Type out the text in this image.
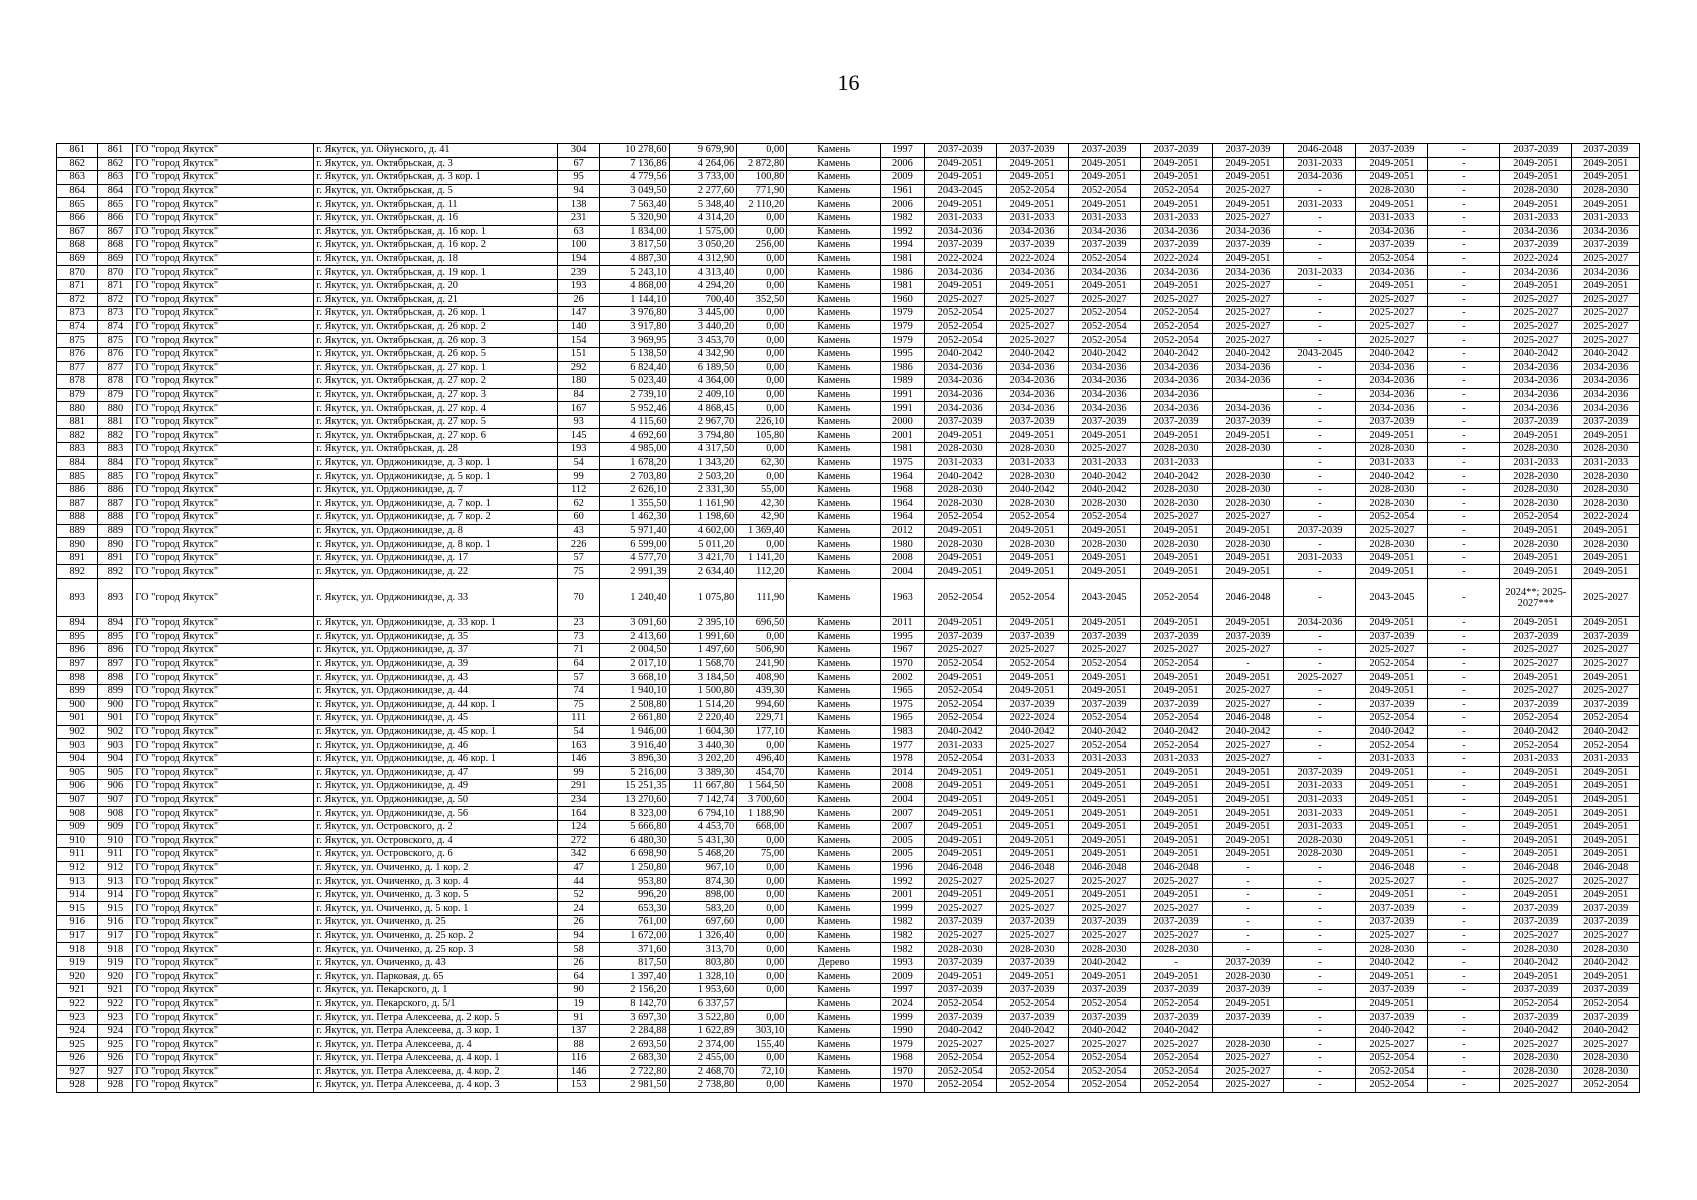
16
861	861	ГО "город Якутск"	г. Якутск, ул. Ойунского, д. 41	304	10 278,60	9 679,90	0,00	Камень	1997	2037-2039	2037-2039	2037-2039	2037-2039	2037-2039	2046-2048	2037-2039	-	2037-2039	2037-2039
862	862	ГО "город Якутск"	г. Якутск, ул. Октябрьская, д. 3	67	7 136,86	4 264,06	2 872,80	Камень	2006	2049-2051	2049-2051	2049-2051	2049-2051	2049-2051	2031-2033	2049-2051	-	2049-2051	2049-2051
863	863	ГО "город Якутск"	г. Якутск, ул. Октябрьская, д. 3 кор. 1	95	4 779,56	3 733,00	100,80	Камень	2009	2049-2051	2049-2051	2049-2051	2049-2051	2049-2051	2034-2036	2049-2051	-	2049-2051	2049-2051
864	864	ГО "город Якутск"	г. Якутск, ул. Октябрьская, д. 5	94	3 049,50	2 277,60	771,90	Камень	1961	2043-2045	2052-2054	2052-2054	2052-2054	2025-2027	-	2028-2030	-	2028-2030	2028-2030
865	865	ГО "город Якутск"	г. Якутск, ул. Октябрьская, д. 11	138	7 563,40	5 348,40	2 110,20	Камень	2006	2049-2051	2049-2051	2049-2051	2049-2051	2049-2051	2031-2033	2049-2051	-	2049-2051	2049-2051
866	866	ГО "город Якутск"	г. Якутск, ул. Октябрьская, д. 16	231	5 320,90	4 314,20	0,00	Камень	1982	2031-2033	2031-2033	2031-2033	2031-2033	2025-2027	-	2031-2033	-	2031-2033	2031-2033
867	867	ГО "город Якутск"	г. Якутск, ул. Октябрьская, д. 16 кор. 1	63	1 834,00	1 575,00	0,00	Камень	1992	2034-2036	2034-2036	2034-2036	2034-2036	2034-2036	-	2034-2036	-	2034-2036	2034-2036
868	868	ГО "город Якутск"	г. Якутск, ул. Октябрьская, д. 16 кор. 2	100	3 817,50	3 050,20	256,00	Камень	1994	2037-2039	2037-2039	2037-2039	2037-2039	2037-2039	-	2037-2039	-	2037-2039	2037-2039
869	869	ГО "город Якутск"	г. Якутск, ул. Октябрьская, д. 18	194	4 887,30	4 312,90	0,00	Камень	1981	2022-2024	2022-2024	2052-2054	2022-2024	2049-2051	-	2052-2054	-	2022-2024	2025-2027
870	870	ГО "город Якутск"	г. Якутск, ул. Октябрьская, д. 19 кор. 1	239	5 243,10	4 313,40	0,00	Камень	1986	2034-2036	2034-2036	2034-2036	2034-2036	2034-2036	2031-2033	2034-2036	-	2034-2036	2034-2036
871	871	ГО "город Якутск"	г. Якутск, ул. Октябрьская, д. 20	193	4 868,00	4 294,20	0,00	Камень	1981	2049-2051	2049-2051	2049-2051	2049-2051	2025-2027	-	2049-2051	-	2049-2051	2049-2051
872	872	ГО "город Якутск"	г. Якутск, ул. Октябрьская, д. 21	26	1 144,10	700,40	352,50	Камень	1960	2025-2027	2025-2027	2025-2027	2025-2027	2025-2027	-	2025-2027	-	2025-2027	2025-2027
873	873	ГО "город Якутск"	г. Якутск, ул. Октябрьская, д. 26 кор. 1	147	3 976,80	3 445,00	0,00	Камень	1979	2052-2054	2025-2027	2052-2054	2052-2054	2025-2027	-	2025-2027	-	2025-2027	2025-2027
874	874	ГО "город Якутск"	г. Якутск, ул. Октябрьская, д. 26 кор. 2	140	3 917,80	3 440,20	0,00	Камень	1979	2052-2054	2025-2027	2052-2054	2052-2054	2025-2027	-	2025-2027	-	2025-2027	2025-2027
875	875	ГО "город Якутск"	г. Якутск, ул. Октябрьская, д. 26 кор. 3	154	3 969,95	3 453,70	0,00	Камень	1979	2052-2054	2025-2027	2052-2054	2052-2054	2025-2027	-	2025-2027	-	2025-2027	2025-2027
876	876	ГО "город Якутск"	г. Якутск, ул. Октябрьская, д. 26 кор. 5	151	5 138,50	4 342,90	0,00	Камень	1995	2040-2042	2040-2042	2040-2042	2040-2042	2040-2042	2043-2045	2040-2042	-	2040-2042	2040-2042
877	877	ГО "город Якутск"	г. Якутск, ул. Октябрьская, д. 27 кор. 1	292	6 824,40	6 189,50	0,00	Камень	1986	2034-2036	2034-2036	2034-2036	2034-2036	2034-2036	-	2034-2036	-	2034-2036	2034-2036
878	878	ГО "город Якутск"	г. Якутск, ул. Октябрьская, д. 27 кор. 2	180	5 023,40	4 364,00	0,00	Камень	1989	2034-2036	2034-2036	2034-2036	2034-2036	2034-2036	-	2034-2036	-	2034-2036	2034-2036
879	879	ГО "город Якутск"	г. Якутск, ул. Октябрьская, д. 27 кор. 3	84	2 739,10	2 409,10	0,00	Камень	1991	2034-2036	2034-2036	2034-2036	2034-2036		-	2034-2036	-	2034-2036	2034-2036
880	880	ГО "город Якутск"	г. Якутск, ул. Октябрьская, д. 27 кор. 4	167	5 952,46	4 868,45	0,00	Камень	1991	2034-2036	2034-2036	2034-2036	2034-2036	2034-2036	-	2034-2036	-	2034-2036	2034-2036
881	881	ГО "город Якутск"	г. Якутск, ул. Октябрьская, д. 27 кор. 5	93	4 115,60	2 967,70	226,10	Камень	2000	2037-2039	2037-2039	2037-2039	2037-2039	2037-2039	-	2037-2039	-	2037-2039	2037-2039
882	882	ГО "город Якутск"	г. Якутск, ул. Октябрьская, д. 27 кор. 6	145	4 692,60	3 794,80	105,80	Камень	2001	2049-2051	2049-2051	2049-2051	2049-2051	2049-2051	-	2049-2051	-	2049-2051	2049-2051
883	883	ГО "город Якутск"	г. Якутск, ул. Октябрьская, д. 28	193	4 985,00	4 317,50	0,00	Камень	1981	2028-2030	2028-2030	2025-2027	2028-2030	2028-2030	-	2028-2030	-	2028-2030	2028-2030
884	884	ГО "город Якутск"	г. Якутск, ул. Орджоникидзе, д. 3 кор. 1	54	1 678,20	1 343,20	62,30	Камень	1975	2031-2033	2031-2033	2031-2033	2031-2033		-	2031-2033	-	2031-2033	2031-2033
885	885	ГО "город Якутск"	г. Якутск, ул. Орджоникидзе, д. 5 кор. 1	99	2 703,80	2 503,20	0,00	Камень	1964	2040-2042	2028-2030	2040-2042	2040-2042	2028-2030	-	2040-2042	-	2028-2030	2028-2030
886	886	ГО "город Якутск"	г. Якутск, ул. Орджоникидзе, д. 7	112	2 626,10	2 331,30	55,00	Камень	1968	2028-2030	2040-2042	2040-2042	2028-2030	2028-2030	-	2028-2030	-	2028-2030	2028-2030
887	887	ГО "город Якутск"	г. Якутск, ул. Орджоникидзе, д. 7 кор. 1	62	1 355,50	1 161,90	42,30	Камень	1964	2028-2030	2028-2030	2028-2030	2028-2030	2028-2030	-	2028-2030	-	2028-2030	2028-2030
888	888	ГО "город Якутск"	г. Якутск, ул. Орджоникидзе, д. 7 кор. 2	60	1 462,30	1 198,60	42,90	Камень	1964	2052-2054	2052-2054	2052-2054	2025-2027	2025-2027	-	2052-2054	-	2052-2054	2022-2024
889	889	ГО "город Якутск"	г. Якутск, ул. Орджоникидзе, д. 8	43	5 971,40	4 602,00	1 369,40	Камень	2012	2049-2051	2049-2051	2049-2051	2049-2051	2049-2051	2037-2039	2025-2027	-	2049-2051	2049-2051
890	890	ГО "город Якутск"	г. Якутск, ул. Орджоникидзе, д. 8 кор. 1	226	6 599,00	5 011,20	0,00	Камень	1980	2028-2030	2028-2030	2028-2030	2028-2030	2028-2030	-	2028-2030	-	2028-2030	2028-2030
891	891	ГО "город Якутск"	г. Якутск, ул. Орджоникидзе, д. 17	57	4 577,70	3 421,70	1 141,20	Камень	2008	2049-2051	2049-2051	2049-2051	2049-2051	2049-2051	2031-2033	2049-2051	-	2049-2051	2049-2051
892	892	ГО "город Якутск"	г. Якутск, ул. Орджоникидзе, д. 22	75	2 991,39	2 634,40	112,20	Камень	2004	2049-2051	2049-2051	2049-2051	2049-2051	2049-2051	-	2049-2051	-	2049-2051	2049-2051
893	893	ГО "город Якутск"	г. Якутск, ул. Орджоникидзе, д. 33	70	1 240,40	1 075,80	111,90	Камень	1963	2052-2054	2052-2054	2043-2045	2052-2054	2046-2048	-	2043-2045	-	2024**; 2025-2027***	2025-2027
894	894	ГО "город Якутск"	г. Якутск, ул. Орджоникидзе, д. 33 кор. 1	23	3 091,60	2 395,10	696,50	Камень	2011	2049-2051	2049-2051	2049-2051	2049-2051	2049-2051	2034-2036	2049-2051	-	2049-2051	2049-2051
895	895	ГО "город Якутск"	г. Якутск, ул. Орджоникидзе, д. 35	73	2 413,60	1 991,60	0,00	Камень	1995	2037-2039	2037-2039	2037-2039	2037-2039	2037-2039	-	2037-2039	-	2037-2039	2037-2039
896	896	ГО "город Якутск"	г. Якутск, ул. Орджоникидзе, д. 37	71	2 004,50	1 497,60	506,90	Камень	1967	2025-2027	2025-2027	2025-2027	2025-2027	2025-2027	-	2025-2027	-	2025-2027	2025-2027
897	897	ГО "город Якутск"	г. Якутск, ул. Орджоникидзе, д. 39	64	2 017,10	1 568,70	241,90	Камень	1970	2052-2054	2052-2054	2052-2054	2052-2054	-	-	2052-2054	-	2025-2027	2025-2027
898	898	ГО "город Якутск"	г. Якутск, ул. Орджоникидзе, д. 43	57	3 668,10	3 184,50	408,90	Камень	2002	2049-2051	2049-2051	2049-2051	2049-2051	2049-2051	2025-2027	2049-2051	-	2049-2051	2049-2051
899	899	ГО "город Якутск"	г. Якутск, ул. Орджоникидзе, д. 44	74	1 940,10	1 500,80	439,30	Камень	1965	2052-2054	2049-2051	2049-2051	2049-2051	2025-2027	-	2049-2051	-	2025-2027	2025-2027
900	900	ГО "город Якутск"	г. Якутск, ул. Орджоникидзе, д. 44 кор. 1	75	2 508,80	1 514,20	994,60	Камень	1975	2052-2054	2037-2039	2037-2039	2037-2039	2025-2027	-	2037-2039	-	2037-2039	2037-2039
901	901	ГО "город Якутск"	г. Якутск, ул. Орджоникидзе, д. 45	111	2 661,80	2 220,40	229,71	Камень	1965	2052-2054	2022-2024	2052-2054	2052-2054	2046-2048	-	2052-2054	-	2052-2054	2052-2054
902	902	ГО "город Якутск"	г. Якутск, ул. Орджоникидзе, д. 45 кор. 1	54	1 946,00	1 604,30	177,10	Камень	1983	2040-2042	2040-2042	2040-2042	2040-2042	2040-2042	-	2040-2042	-	2040-2042	2040-2042
903	903	ГО "город Якутск"	г. Якутск, ул. Орджоникидзе, д. 46	163	3 916,40	3 440,30	0,00	Камень	1977	2031-2033	2025-2027	2052-2054	2052-2054	2025-2027	-	2052-2054	-	2052-2054	2052-2054
904	904	ГО "город Якутск"	г. Якутск, ул. Орджоникидзе, д. 46 кор. 1	146	3 896,30	3 202,20	496,40	Камень	1978	2052-2054	2031-2033	2031-2033	2031-2033	2025-2027	-	2031-2033	-	2031-2033	2031-2033
905	905	ГО "город Якутск"	г. Якутск, ул. Орджоникидзе, д. 47	99	5 216,00	3 389,30	454,70	Камень	2014	2049-2051	2049-2051	2049-2051	2049-2051	2049-2051	2037-2039	2049-2051	-	2049-2051	2049-2051
906	906	ГО "город Якутск"	г. Якутск, ул. Орджоникидзе, д. 49	291	15 251,35	11 667,80	1 564,50	Камень	2008	2049-2051	2049-2051	2049-2051	2049-2051	2049-2051	2031-2033	2049-2051	-	2049-2051	2049-2051
907	907	ГО "город Якутск"	г. Якутск, ул. Орджоникидзе, д. 50	234	13 270,60	7 142,74	3 700,60	Камень	2004	2049-2051	2049-2051	2049-2051	2049-2051	2049-2051	2031-2033	2049-2051	-	2049-2051	2049-2051
908	908	ГО "город Якутск"	г. Якутск, ул. Орджоникидзе, д. 56	164	8 323,00	6 794,10	1 188,90	Камень	2007	2049-2051	2049-2051	2049-2051	2049-2051	2049-2051	2031-2033	2049-2051	-	2049-2051	2049-2051
909	909	ГО "город Якутск"	г. Якутск, ул. Островского, д. 2	124	5 666,80	4 453,70	668,00	Камень	2007	2049-2051	2049-2051	2049-2051	2049-2051	2049-2051	2031-2033	2049-2051	-	2049-2051	2049-2051
910	910	ГО "город Якутск"	г. Якутск, ул. Островского, д. 4	272	6 480,30	5 431,30	0,00	Камень	2005	2049-2051	2049-2051	2049-2051	2049-2051	2049-2051	2028-2030	2049-2051	-	2049-2051	2049-2051
911	911	ГО "город Якутск"	г. Якутск, ул. Островского, д. 6	342	6 698,90	5 468,20	75,00	Камень	2005	2049-2051	2049-2051	2049-2051	2049-2051	2049-2051	2028-2030	2049-2051	-	2049-2051	2049-2051
912	912	ГО "город Якутск"	г. Якутск, ул. Очиченко, д. 1 кор. 2	47	1 250,80	967,10	0,00	Камень	1996	2046-2048	2046-2048	2046-2048	2046-2048	-	-	2046-2048	-	2046-2048	2046-2048
913	913	ГО "город Якутск"	г. Якутск, ул. Очиченко, д. 3 кор. 4	44	953,80	874,30	0,00	Камень	1992	2025-2027	2025-2027	2025-2027	2025-2027	-	-	2025-2027	-	2025-2027	2025-2027
914	914	ГО "город Якутск"	г. Якутск, ул. Очиченко, д. 3 кор. 5	52	996,20	898,00	0,00	Камень	2001	2049-2051	2049-2051	2049-2051	2049-2051	-	-	2049-2051	-	2049-2051	2049-2051
915	915	ГО "город Якутск"	г. Якутск, ул. Очиченко, д. 5 кор. 1	24	653,30	583,20	0,00	Камень	1999	2025-2027	2025-2027	2025-2027	2025-2027	-	-	2037-2039	-	2037-2039	2037-2039
916	916	ГО "город Якутск"	г. Якутск, ул. Очиченко, д. 25	26	761,00	697,60	0,00	Камень	1982	2037-2039	2037-2039	2037-2039	2037-2039	-	-	2037-2039	-	2037-2039	2037-2039
917	917	ГО "город Якутск"	г. Якутск, ул. Очиченко, д. 25 кор. 2	94	1 672,00	1 326,40	0,00	Камень	1982	2025-2027	2025-2027	2025-2027	2025-2027	-	-	2025-2027	-	2025-2027	2025-2027
918	918	ГО "город Якутск"	г. Якутск, ул. Очиченко, д. 25 кор. 3	58	371,60	313,70	0,00	Камень	1982	2028-2030	2028-2030	2028-2030	2028-2030	-	-	2028-2030	-	2028-2030	2028-2030
919	919	ГО "город Якутск"	г. Якутск, ул. Очиченко, д. 43	26	817,50	803,80	0,00	Дерево	1993	2037-2039	2037-2039	2040-2042	-	2037-2039	-	2040-2042	-	2040-2042	2040-2042
920	920	ГО "город Якутск"	г. Якутск, ул. Парковая, д. 65	64	1 397,40	1 328,10	0,00	Камень	2009	2049-2051	2049-2051	2049-2051	2049-2051	2028-2030	-	2049-2051	-	2049-2051	2049-2051
921	921	ГО "город Якутск"	г. Якутск, ул. Пекарского, д. 1	90	2 156,20	1 953,60	0,00	Камень	1997	2037-2039	2037-2039	2037-2039	2037-2039	2037-2039	-	2037-2039	-	2037-2039	2037-2039
922	922	ГО "город Якутск"	г. Якутск, ул. Пекарского, д. 5/1	19	8 142,70	6 337,57		Камень	2024	2052-2054	2052-2054	2052-2054	2052-2054	2049-2051		2049-2051		2052-2054	2052-2054
923	923	ГО "город Якутск"	г. Якутск, ул. Петра Алексеева, д. 2 кор. 5	91	3 697,30	3 522,80	0,00	Камень	1999	2037-2039	2037-2039	2037-2039	2037-2039	2037-2039	-	2037-2039	-	2037-2039	2037-2039
924	924	ГО "город Якутск"	г. Якутск, ул. Петра Алексеева, д. 3 кор. 1	137	2 284,88	1 622,89	303,10	Камень	1990	2040-2042	2040-2042	2040-2042	2040-2042		-	2040-2042	-	2040-2042	2040-2042
925	925	ГО "город Якутск"	г. Якутск, ул. Петра Алексеева, д. 4	88	2 693,50	2 374,00	155,40	Камень	1979	2025-2027	2025-2027	2025-2027	2025-2027	2028-2030	-	2025-2027	-	2025-2027	2025-2027
926	926	ГО "город Якутск"	г. Якутск, ул. Петра Алексеева, д. 4 кор. 1	116	2 683,30	2 455,00	0,00	Камень	1968	2052-2054	2052-2054	2052-2054	2052-2054	2025-2027	-	2052-2054	-	2028-2030	2028-2030
927	927	ГО "город Якутск"	г. Якутск, ул. Петра Алексеева, д. 4 кор. 2	146	2 722,80	2 468,70	72,10	Камень	1970	2052-2054	2052-2054	2052-2054	2052-2054	2025-2027	-	2052-2054	-	2028-2030	2028-2030
928	928	ГО "город Якутск"	г. Якутск, ул. Петра Алексеева, д. 4 кор. 3	153	2 981,50	2 738,80	0,00	Камень	1970	2052-2054	2052-2054	2052-2054	2052-2054	2025-2027	-	2052-2054	-	2025-2027	2052-2054
